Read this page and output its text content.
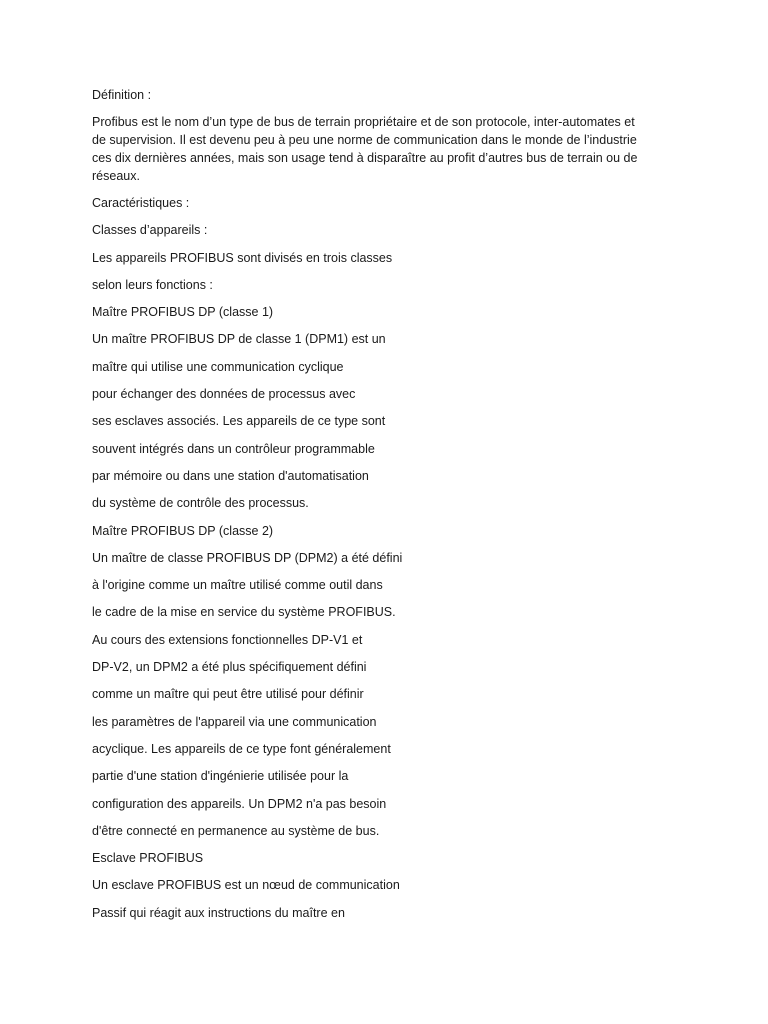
Définition :

Profibus est le nom d’un type de bus de terrain propriétaire et de son protocole, inter-automates et

de supervision. Il est devenu peu à peu une norme de communication dans le monde de l’industrie

ces dix dernières années, mais son usage tend à disparaître au profit d’autres bus de terrain ou de

réseaux.

Caractéristiques :

Classes d’appareils :

Les appareils PROFIBUS sont divisés en trois classes

selon leurs fonctions :

Maître PROFIBUS DP (classe 1)

Un maître PROFIBUS DP de classe 1 (DPM1) est un

maître qui utilise une communication cyclique

pour échanger des données de processus avec

ses esclaves associés. Les appareils de ce type sont

souvent intégrés dans un contrôleur programmable

par mémoire ou dans une station d'automatisation

du système de contrôle des processus.

Maître PROFIBUS DP (classe 2)

Un maître de classe PROFIBUS DP (DPM2) a été défini

à l'origine comme un maître utilisé comme outil dans

le cadre de la mise en service du système PROFIBUS.

Au cours des extensions fonctionnelles DP-V1 et

DP-V2, un DPM2 a été plus spécifiquement défini

comme un maître qui peut être utilisé pour définir

les paramètres de l'appareil via une communication

acyclique. Les appareils de ce type font généralement

partie d'une station d'ingénierie utilisée pour la

configuration des appareils. Un DPM2 n'a pas besoin

d'être connecté en permanence au système de bus.

Esclave PROFIBUS

Un esclave PROFIBUS est un nœud de communication

Passif qui réagit aux instructions du maître en
